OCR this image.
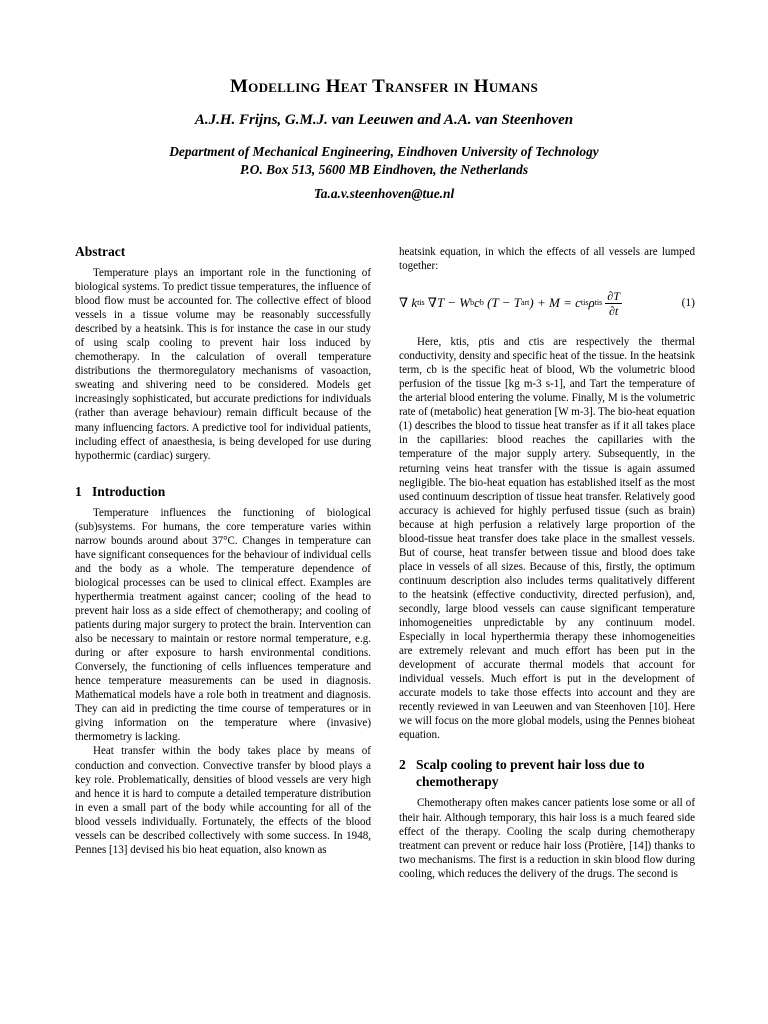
Modelling Heat Transfer in Humans
A.J.H. Frijns, G.M.J. van Leeuwen and A.A. van Steenhoven
Department of Mechanical Engineering, Eindhoven University of Technology
P.O. Box 513, 5600 MB Eindhoven, the Netherlands
Ta.a.v.steenhoven@tue.nl
Abstract

Temperature plays an important role in the functioning of biological systems. To predict tissue temperatures, the influence of blood flow must be accounted for. The collective effect of blood vessels in a tissue volume may be reasonably successfully described by a heatsink. This is for instance the case in our study of using scalp cooling to prevent hair loss induced by chemotherapy. In the calculation of overall temperature distributions the thermoregulatory mechanisms of vasoaction, sweating and shivering need to be considered. Models get increasingly sophisticated, but accurate predictions for individuals (rather than average behaviour) remain difficult because of the many influencing factors. A predictive tool for individual patients, including effect of anaesthesia, is being developed for use during hypothermic (cardiac) surgery.

1 Introduction

Temperature influences the functioning of biological (sub)systems. For humans, the core temperature varies within narrow bounds around about 37°C. Changes in temperature can have significant consequences for the behaviour of individual cells and the body as a whole. The temperature dependence of biological processes can be used to clinical effect. Examples are hyperthermia treatment against cancer; cooling of the head to prevent hair loss as a side effect of chemotherapy; and cooling of patients during major surgery to protect the brain. Intervention can also be necessary to maintain or restore normal temperature, e.g. during or after exposure to harsh environmental conditions. Conversely, the functioning of cells influences temperature and hence temperature measurements can be used in diagnosis. Mathematical models have a role both in treatment and diagnosis. They can aid in predicting the time course of temperatures or in giving information on the temperature where (invasive) thermometry is lacking.

Heat transfer within the body takes place by means of conduction and convection. Convective transfer by blood plays a key role. Problematically, densities of blood vessels are very high and hence it is hard to compute a detailed temperature distribution in even a small part of the body while accounting for all of the blood vessels individually. Fortunately, the effects of the blood vessels can be described collectively with some success. In 1948, Pennes [13] devised his bio heat equation, also known as

heatsink equation, in which the effects of all vessels are lumped together:

∇ k tis
∇T − W b c b
(T − T art ) + M = c tis ρ tis $\frac{\partial T}{\partial t}$	(1)

Here, ktis, ρtis and ctis are respectively the thermal conductivity, density and specific heat of the tissue. In the heatsink term, cb is the specific heat of blood, Wb the volumetric blood perfusion of the tissue [kg m-3 s-1], and Tart the temperature of the arterial blood entering the volume. Finally, M is the volumetric rate of (metabolic) heat generation [W m-3]. The bio-heat equation (1) describes the blood to tissue heat transfer as if it all takes place in the capillaries: blood reaches the capillaries with the temperature of the major supply artery. Subsequently, in the returning veins heat transfer with the tissue is again assumed negligible. The bio-heat equation has established itself as the most used continuum description of tissue heat transfer. Relatively good accuracy is achieved for highly perfused tissue (such as brain) because at high perfusion a relatively large proportion of the blood-tissue heat transfer does take place in the smallest vessels. But of course, heat transfer between tissue and blood does take place in vessels of all sizes. Because of this, firstly, the optimum continuum description also includes terms qualitatively different to the heatsink (effective conductivity, directed perfusion), and, secondly, large blood vessels can cause significant temperature inhomogeneities unpredictable by any continuum model. Especially in local hyperthermia therapy these inhomogeneities are extremely relevant and much effort has been put in the development of accurate thermal models that account for individual vessels. Much effort is put in the development of accurate models to take those effects into account and they are recently reviewed in van Leeuwen and van Steenhoven [10]. Here we will focus on the more global models, using the Pennes bioheat equation.

2 Scalp cooling to prevent hair loss due to chemotherapy

Chemotherapy often makes cancer patients lose some or all of their hair. Although temporary, this hair loss is a much feared side effect of the therapy. Cooling the scalp during chemotherapy treatment can prevent or reduce hair loss (Protière, [14]) thanks to two mechanisms. The first is a reduction in skin blood flow during cooling, which reduces the delivery of the drugs. The second is
